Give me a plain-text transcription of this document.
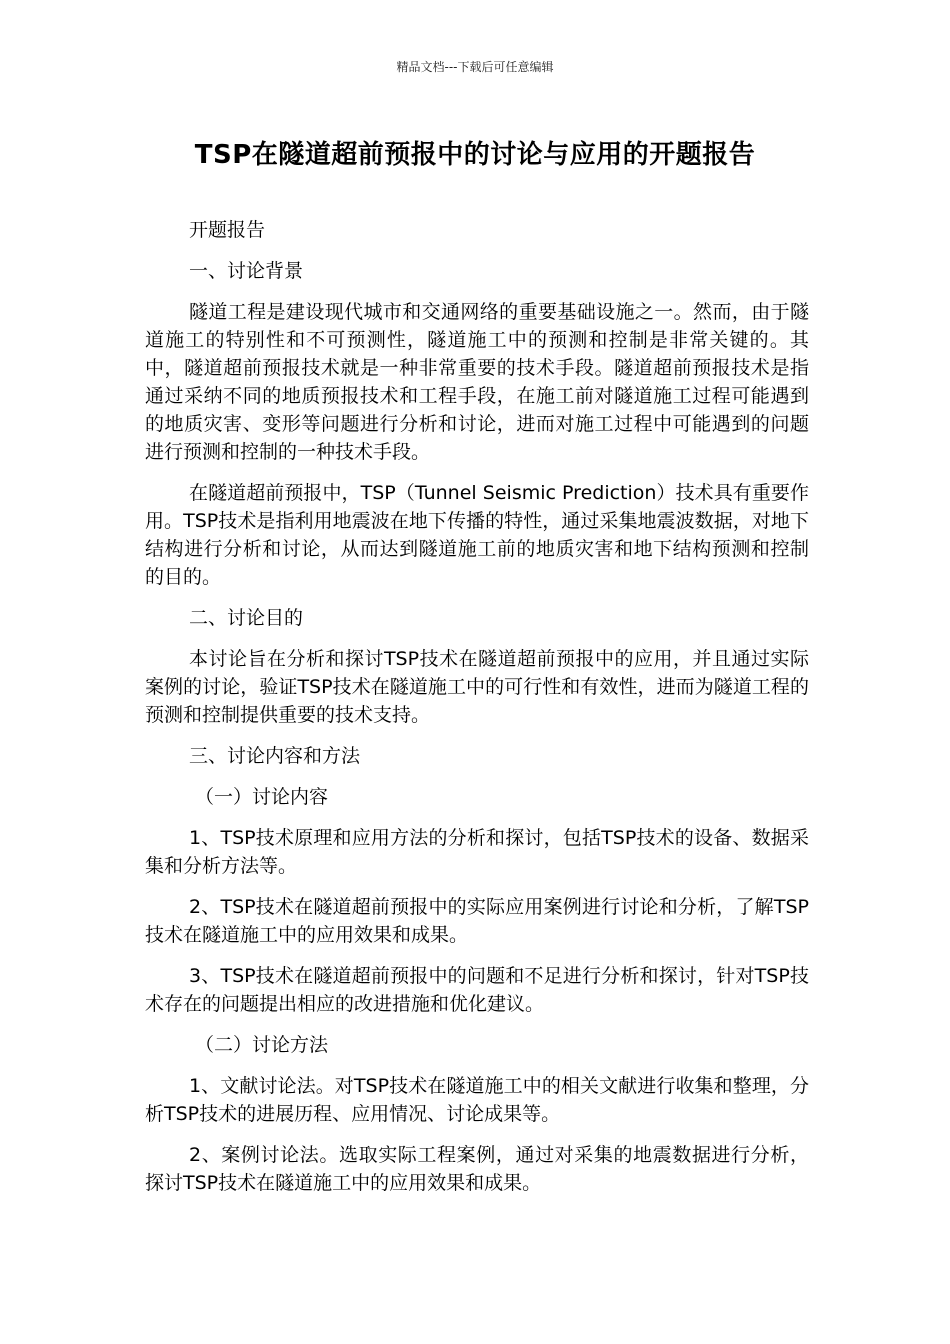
精品文档---下载后可任意编辑
TSP在隧道超前预报中的讨论与应用的开题报告
开题报告
一、讨论背景
隧道工程是建设现代城市和交通网络的重要基础设施之一。然而，由于隧道施工的特别性和不可预测性，隧道施工中的预测和控制是非常关键的。其中，隧道超前预报技术就是一种非常重要的技术手段。隧道超前预报技术是指通过采纳不同的地质预报技术和工程手段，在施工前对隧道施工过程可能遇到的地质灾害、变形等问题进行分析和讨论，进而对施工过程中可能遇到的问题进行预测和控制的一种技术手段。
在隧道超前预报中，TSP（Tunnel Seismic Prediction）技术具有重要作用。TSP技术是指利用地震波在地下传播的特性，通过采集地震波数据，对地下结构进行分析和讨论，从而达到隧道施工前的地质灾害和地下结构预测和控制的目的。
二、讨论目的
本讨论旨在分析和探讨TSP技术在隧道超前预报中的应用，并且通过实际案例的讨论，验证TSP技术在隧道施工中的可行性和有效性，进而为隧道工程的预测和控制提供重要的技术支持。
三、讨论内容和方法
（一）讨论内容
1、TSP技术原理和应用方法的分析和探讨，包括TSP技术的设备、数据采集和分析方法等。
2、TSP技术在隧道超前预报中的实际应用案例进行讨论和分析，了解TSP技术在隧道施工中的应用效果和成果。
3、TSP技术在隧道超前预报中的问题和不足进行分析和探讨，针对TSP技术存在的问题提出相应的改进措施和优化建议。
（二）讨论方法
1、文献讨论法。对TSP技术在隧道施工中的相关文献进行收集和整理，分析TSP技术的进展历程、应用情况、讨论成果等。
2、案例讨论法。选取实际工程案例，通过对采集的地震数据进行分析，探讨TSP技术在隧道施工中的应用效果和成果。
